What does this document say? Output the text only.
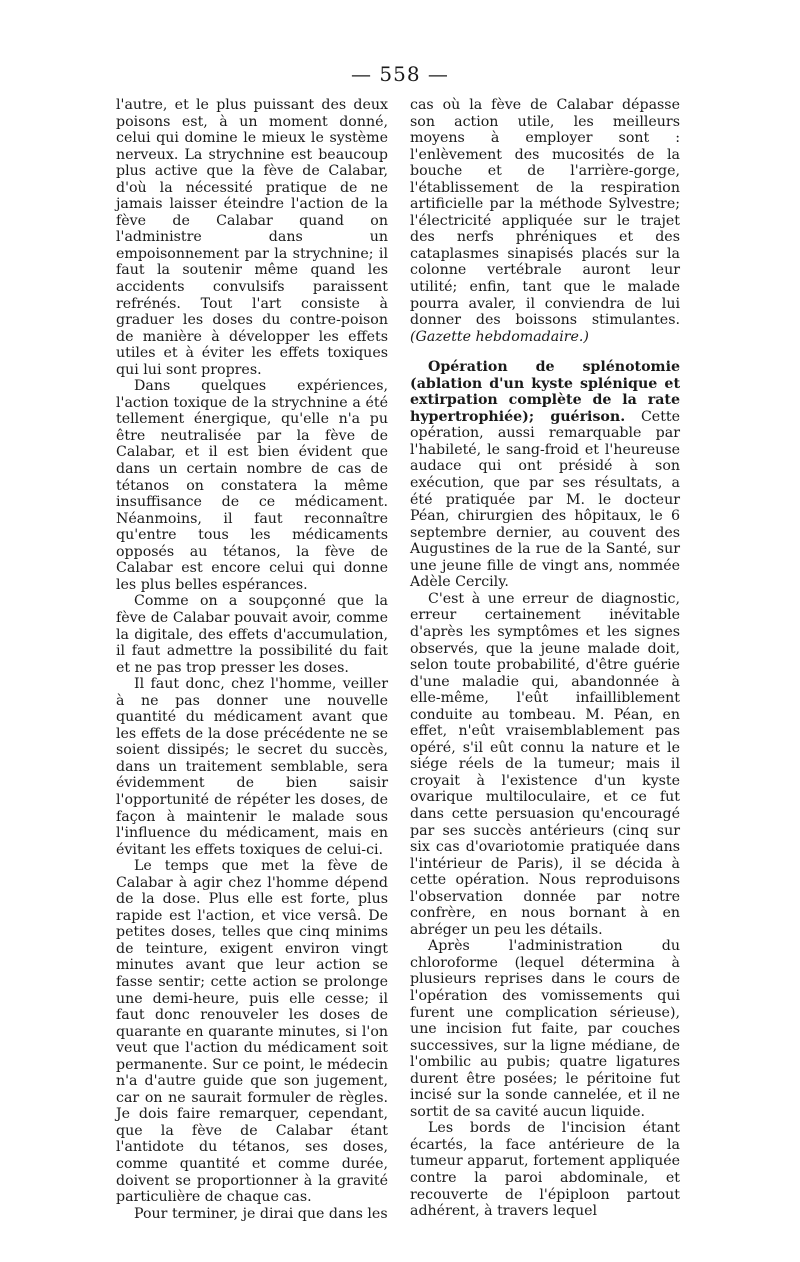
— 558 —

l'autre, et le plus puissant des deux poisons est, à un moment donné, celui qui domine le mieux le système nerveux. La strychnine est beaucoup plus active que la fève de Calabar, d'où la nécessité pratique de ne jamais laisser éteindre l'action de la fève de Calabar quand on l'administre dans un empoisonnement par la strychnine; il faut la soutenir même quand les accidents convulsifs paraissent refrénés. Tout l'art consiste à graduer les doses du contre-poison de manière à développer les effets utiles et à éviter les effets toxiques qui lui sont propres.

Dans quelques expériences, l'action toxique de la strychnine a été tellement énergique, qu'elle n'a pu être neutralisée par la fève de Calabar, et il est bien évident que dans un certain nombre de cas de tétanos on constatera la même insuffisance de ce médicament. Néanmoins, il faut reconnaître qu'entre tous les médicaments opposés au tétanos, la fève de Calabar est encore celui qui donne les plus belles espérances.

Comme on a soupçonné que la fève de Calabar pouvait avoir, comme la digitale, des effets d'accumulation, il faut admettre la possibilité du fait et ne pas trop presser les doses.

Il faut donc, chez l'homme, veiller à ne pas donner une nouvelle quantité du médicament avant que les effets de la dose précédente ne se soient dissipés; le secret du succès, dans un traitement semblable, sera évidemment de bien saisir l'opportunité de répéter les doses, de façon à maintenir le malade sous l'influence du médicament, mais en évitant les effets toxiques de celui-ci.

Le temps que met la fève de Calabar à agir chez l'homme dépend de la dose. Plus elle est forte, plus rapide est l'action, et vice versâ. De petites doses, telles que cinq minims de teinture, exigent environ vingt minutes avant que leur action se fasse sentir; cette action se prolonge une demi-heure, puis elle cesse; il faut donc renouveler les doses de quarante en quarante minutes, si l'on veut que l'action du médicament soit permanente. Sur ce point, le médecin n'a d'autre guide que son jugement, car on ne saurait formuler de règles. Je dois faire remarquer, cependant, que la fève de Calabar étant l'antidote du tétanos, ses doses, comme quantité et comme durée, doivent se proportionner à la gravité particulière de chaque cas.

Pour terminer, je dirai que dans les

cas où la fève de Calabar dépasse son action utile, les meilleurs moyens à employer sont : l'enlèvement des mucosités de la bouche et de l'arrière-gorge, l'établissement de la respiration artificielle par la méthode Sylvestre; l'électricité appliquée sur le trajet des nerfs phréniques et des cataplasmes sinapisés placés sur la colonne vertébrale auront leur utilité; enfin, tant que le malade pourra avaler, il conviendra de lui donner des boissons stimulantes. (Gazette hebdomadaire.)

Opération de splénotomie (ablation d'un kyste splénique et extirpation complète de la rate hypertrophiée); guérison. Cette opération, aussi remarquable par l'habileté, le sang-froid et l'heureuse audace qui ont présidé à son exécution, que par ses résultats, a été pratiquée par M. le docteur Péan, chirurgien des hôpitaux, le 6 septembre dernier, au couvent des Augustines de la rue de la Santé, sur une jeune fille de vingt ans, nommée Adèle Cercily.

C'est à une erreur de diagnostic, erreur certainement inévitable d'après les symptômes et les signes observés, que la jeune malade doit, selon toute probabilité, d'être guérie d'une maladie qui, abandonnée à elle-même, l'eût infailliblement conduite au tombeau. M. Péan, en effet, n'eût vraisemblablement pas opéré, s'il eût connu la nature et le siége réels de la tumeur; mais il croyait à l'existence d'un kyste ovarique multiloculaire, et ce fut dans cette persuasion qu'encouragé par ses succès antérieurs (cinq sur six cas d'ovariotomie pratiquée dans l'intérieur de Paris), il se décida à cette opération. Nous reproduisons l'observation donnée par notre confrère, en nous bornant à en abréger un peu les détails.

Après l'administration du chloroforme (lequel détermina à plusieurs reprises dans le cours de l'opération des vomissements qui furent une complication sérieuse), une incision fut faite, par couches successives, sur la ligne médiane, de l'ombilic au pubis; quatre ligatures durent être posées; le péritoine fut incisé sur la sonde cannelée, et il ne sortit de sa cavité aucun liquide.

Les bords de l'incision étant écartés, la face antérieure de la tumeur apparut, fortement appliquée contre la paroi abdominale, et recouverte de l'épiploon partout adhérent, à travers lequel
